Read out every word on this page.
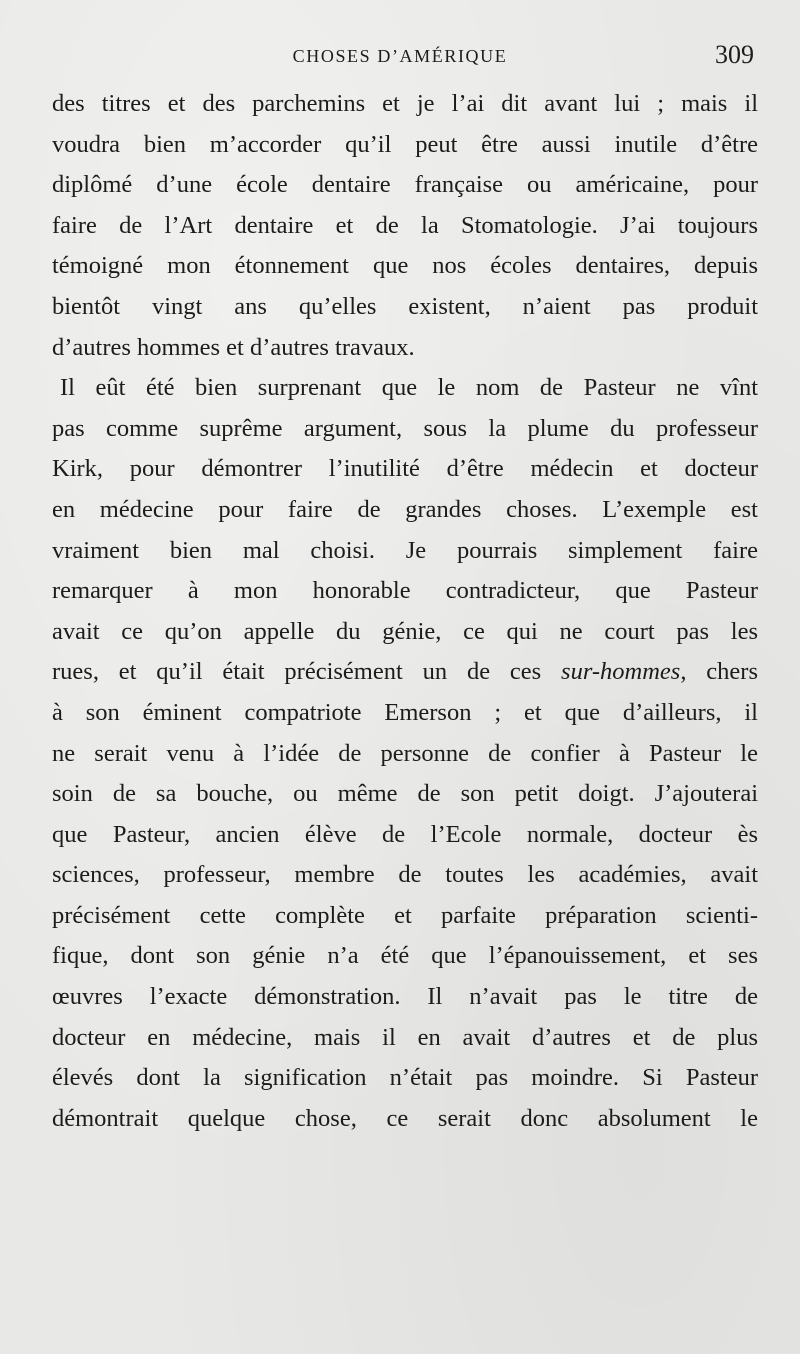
CHOSES D’AMÉRIQUE	309
des titres et des parchemins et je l’ai dit avant lui ; mais il
voudra bien m’accorder qu’il peut être aussi inutile d’être
diplômé d’une école dentaire française ou américaine, pour
faire de l’Art dentaire et de la Stomatologie. J’ai toujours
témoigné mon étonnement que nos écoles dentaires, depuis
bientôt vingt ans qu’elles existent, n’aient pas produit
d’autres hommes et d’autres travaux.
Il eût été bien surprenant que le nom de Pasteur ne vînt
pas comme suprême argument, sous la plume du professeur
Kirk, pour démontrer l’inutilité d’être médecin et docteur
en médecine pour faire de grandes choses. L’exemple est
vraiment bien mal choisi. Je pourrais simplement faire
remarquer à mon honorable contradicteur, que Pasteur
avait ce qu’on appelle du génie, ce qui ne court pas les
rues, et qu’il était précisément un de ces sur-hommes, chers
à son éminent compatriote Emerson ; et que d’ailleurs, il
ne serait venu à l’idée de personne de confier à Pasteur le
soin de sa bouche, ou même de son petit doigt. J’ajouterai
que Pasteur, ancien élève de l’Ecole normale, docteur ès
sciences, professeur, membre de toutes les académies, avait
précisément cette complète et parfaite préparation scienti-
fique, dont son génie n’a été que l’épanouissement, et ses
œuvres l’exacte démonstration. Il n’avait pas le titre de
docteur en médecine, mais il en avait d’autres et de plus
élevés dont la signification n’était pas moindre. Si Pasteur
démontrait quelque chose, ce serait donc absolument le
